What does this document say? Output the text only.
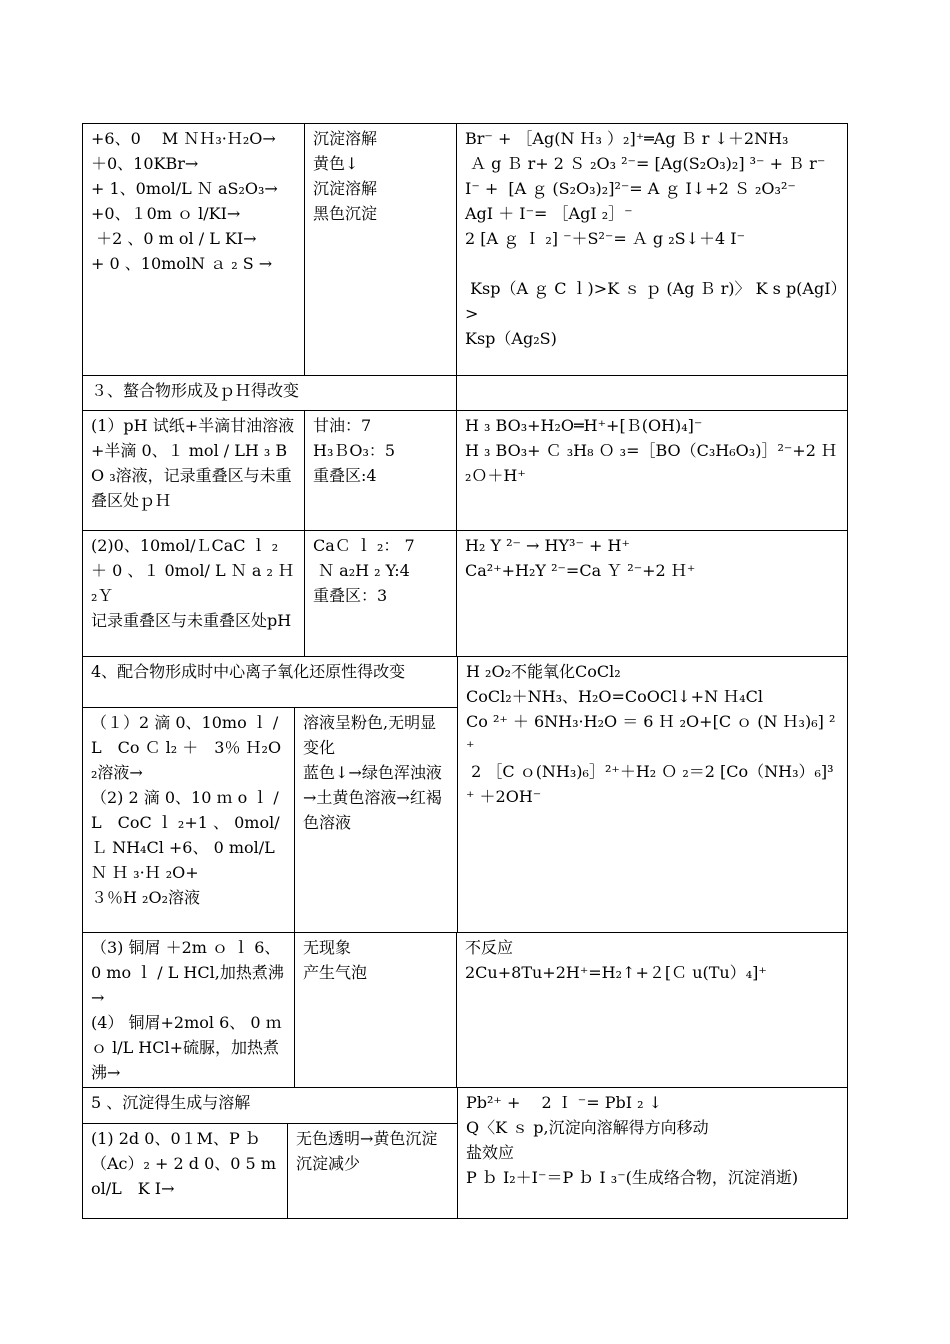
+6、0　 M ＮＨ₃·Ｈ₂O→
＋0、10KBr→
+ 1、0mol/L Ｎ aS₂O₃→
+0、１0m ｏ l/KI→
＋2 、0 m ol / L KI→
+ 0 、10molN ａ ₂ S →
沉淀溶解
黄色↓
沉淀溶解
黑色沉淀
Br⁻ + ［Ag(N Ｈ₃ ）₂]⁺═Ag Ｂ r ↓＋2NH₃
Ａ g Ｂ r+ 2 Ｓ ₂O₃ ²⁻= [Ag(S₂O₃)₂] ³⁻ + Ｂ r⁻
I⁻ +  [A ｇ (S₂O₃)₂]²⁻= A ｇ I↓+2 Ｓ ₂O₃²⁻
AgI ＋ I⁻= ［AgI ₂］⁻
2 [A ｇ Ｉ ₂] ⁻＋S²⁻= Ａ g ₂S↓＋4 I⁻

Ksp（A ｇ C ｌ)>K ｓ ｐ (Ag Ｂ r)〉 K s p(AgI）>
Ksp（Ag₂S)
３、螯合物形成及ｐＨ得改变
(1）pH 试纸+半滴甘油溶液+半滴 0、１ mol / LH ₃ BO ₃溶液，记录重叠区与未重叠区处ｐＨ
甘油：7
H₃ＢO₃：5
重叠区:4
H ₃ BO₃+H₂O═H⁺+[Ｂ(OH)₄]⁻
H ₃ BO₃+ Ｃ ₃H₈ Ｏ ₃=［BO（C₃H₆O₃)］²⁻+2 Ｈ ₂Ｏ＋H⁺
(2)0、10mol/ＬCaC ｌ ₂ ＋ 0 、１ 0mol/ L Ｎ a ₂ Ｈ₂Ｙ
记录重叠区与未重叠区处pH
CaＣ ｌ ₂： 7
Ｎ a₂H ₂ Y:4
重叠区：3
H₂ Y ²⁻ → HY³⁻ + H⁺
Ca²⁺+H₂Y ²⁻=Ca Ｙ ²⁻+2 Ｈ⁺
4、配合物形成时中心离子氧化还原性得改变
（１）2 滴 0、10mo ｌ / L　Co Ｃ l₂ ＋　3％ Ｈ₂O ₂溶液→
（2) 2 滴 0、10 ｍ o ｌ / L　CoC ｌ ₂+1 、 0mol/ Ｌ NH₄Cl +6、 0 mol/L Ｎ Ｈ ₃·Ｈ ₂O+
３％H ₂O₂溶液
溶液呈粉色,无明显变化
蓝色↓→绿色浑浊液→土黄色溶液→红褐色溶液
H ₂O₂不能氧化CoCl₂
CoCl₂＋NH₃、H₂O=CoOCl↓+N Ｈ₄Cl
Co ²⁺ ＋ 6NH₃·H₂O ＝ 6 Ｈ ₂O+[C ｏ (N Ｈ₃)₆] ²⁺
2 ［C ｏ(NH₃)₆］²⁺＋H₂ Ｏ ₂＝2 [Co（NH₃）₆]³⁺ ＋2OH⁻
（3) 铜屑 ＋2m ｏ ｌ 6、 0 mo ｌ / L HCl,加热煮沸→
(4） 铜屑+2mol 6、 0 ｍ ｏ l/L HCl+硫脲，加热煮沸→
无现象
产生气泡
不反应
2Cu+8Tu+2H⁺=H₂↑+２[Ｃ u(Tu）₄]⁺
5 、沉淀得生成与溶解
(1) 2d 0、0１M、P ｂ （Ac）₂ + 2 d 0、0 5 mol/L　K I→
无色透明→黄色沉淀
沉淀减少
Pb²⁺ + 　2 Ｉ ⁻= PbI ₂ ↓
Q〈K ｓ p,沉淀向溶解得方向移动
盐效应
P ｂ I₂＋I⁻＝P ｂ I ₃⁻(生成络合物，沉淀消逝)
